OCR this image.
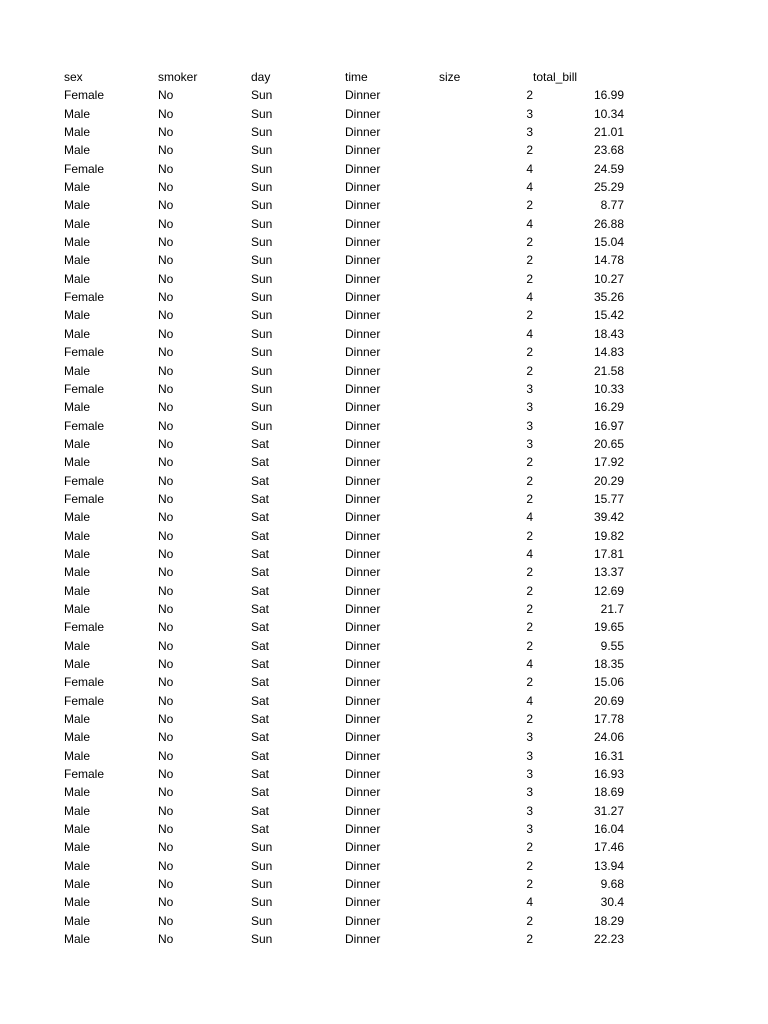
sex	smoker	day	time	size	total_bill
Female	No	Sun	Dinner	2	16.99
Male	No	Sun	Dinner	3	10.34
Male	No	Sun	Dinner	3	21.01
Male	No	Sun	Dinner	2	23.68
Female	No	Sun	Dinner	4	24.59
Male	No	Sun	Dinner	4	25.29
Male	No	Sun	Dinner	2	8.77
Male	No	Sun	Dinner	4	26.88
Male	No	Sun	Dinner	2	15.04
Male	No	Sun	Dinner	2	14.78
Male	No	Sun	Dinner	2	10.27
Female	No	Sun	Dinner	4	35.26
Male	No	Sun	Dinner	2	15.42
Male	No	Sun	Dinner	4	18.43
Female	No	Sun	Dinner	2	14.83
Male	No	Sun	Dinner	2	21.58
Female	No	Sun	Dinner	3	10.33
Male	No	Sun	Dinner	3	16.29
Female	No	Sun	Dinner	3	16.97
Male	No	Sat	Dinner	3	20.65
Male	No	Sat	Dinner	2	17.92
Female	No	Sat	Dinner	2	20.29
Female	No	Sat	Dinner	2	15.77
Male	No	Sat	Dinner	4	39.42
Male	No	Sat	Dinner	2	19.82
Male	No	Sat	Dinner	4	17.81
Male	No	Sat	Dinner	2	13.37
Male	No	Sat	Dinner	2	12.69
Male	No	Sat	Dinner	2	21.7
Female	No	Sat	Dinner	2	19.65
Male	No	Sat	Dinner	2	9.55
Male	No	Sat	Dinner	4	18.35
Female	No	Sat	Dinner	2	15.06
Female	No	Sat	Dinner	4	20.69
Male	No	Sat	Dinner	2	17.78
Male	No	Sat	Dinner	3	24.06
Male	No	Sat	Dinner	3	16.31
Female	No	Sat	Dinner	3	16.93
Male	No	Sat	Dinner	3	18.69
Male	No	Sat	Dinner	3	31.27
Male	No	Sat	Dinner	3	16.04
Male	No	Sun	Dinner	2	17.46
Male	No	Sun	Dinner	2	13.94
Male	No	Sun	Dinner	2	9.68
Male	No	Sun	Dinner	4	30.4
Male	No	Sun	Dinner	2	18.29
Male	No	Sun	Dinner	2	22.23
